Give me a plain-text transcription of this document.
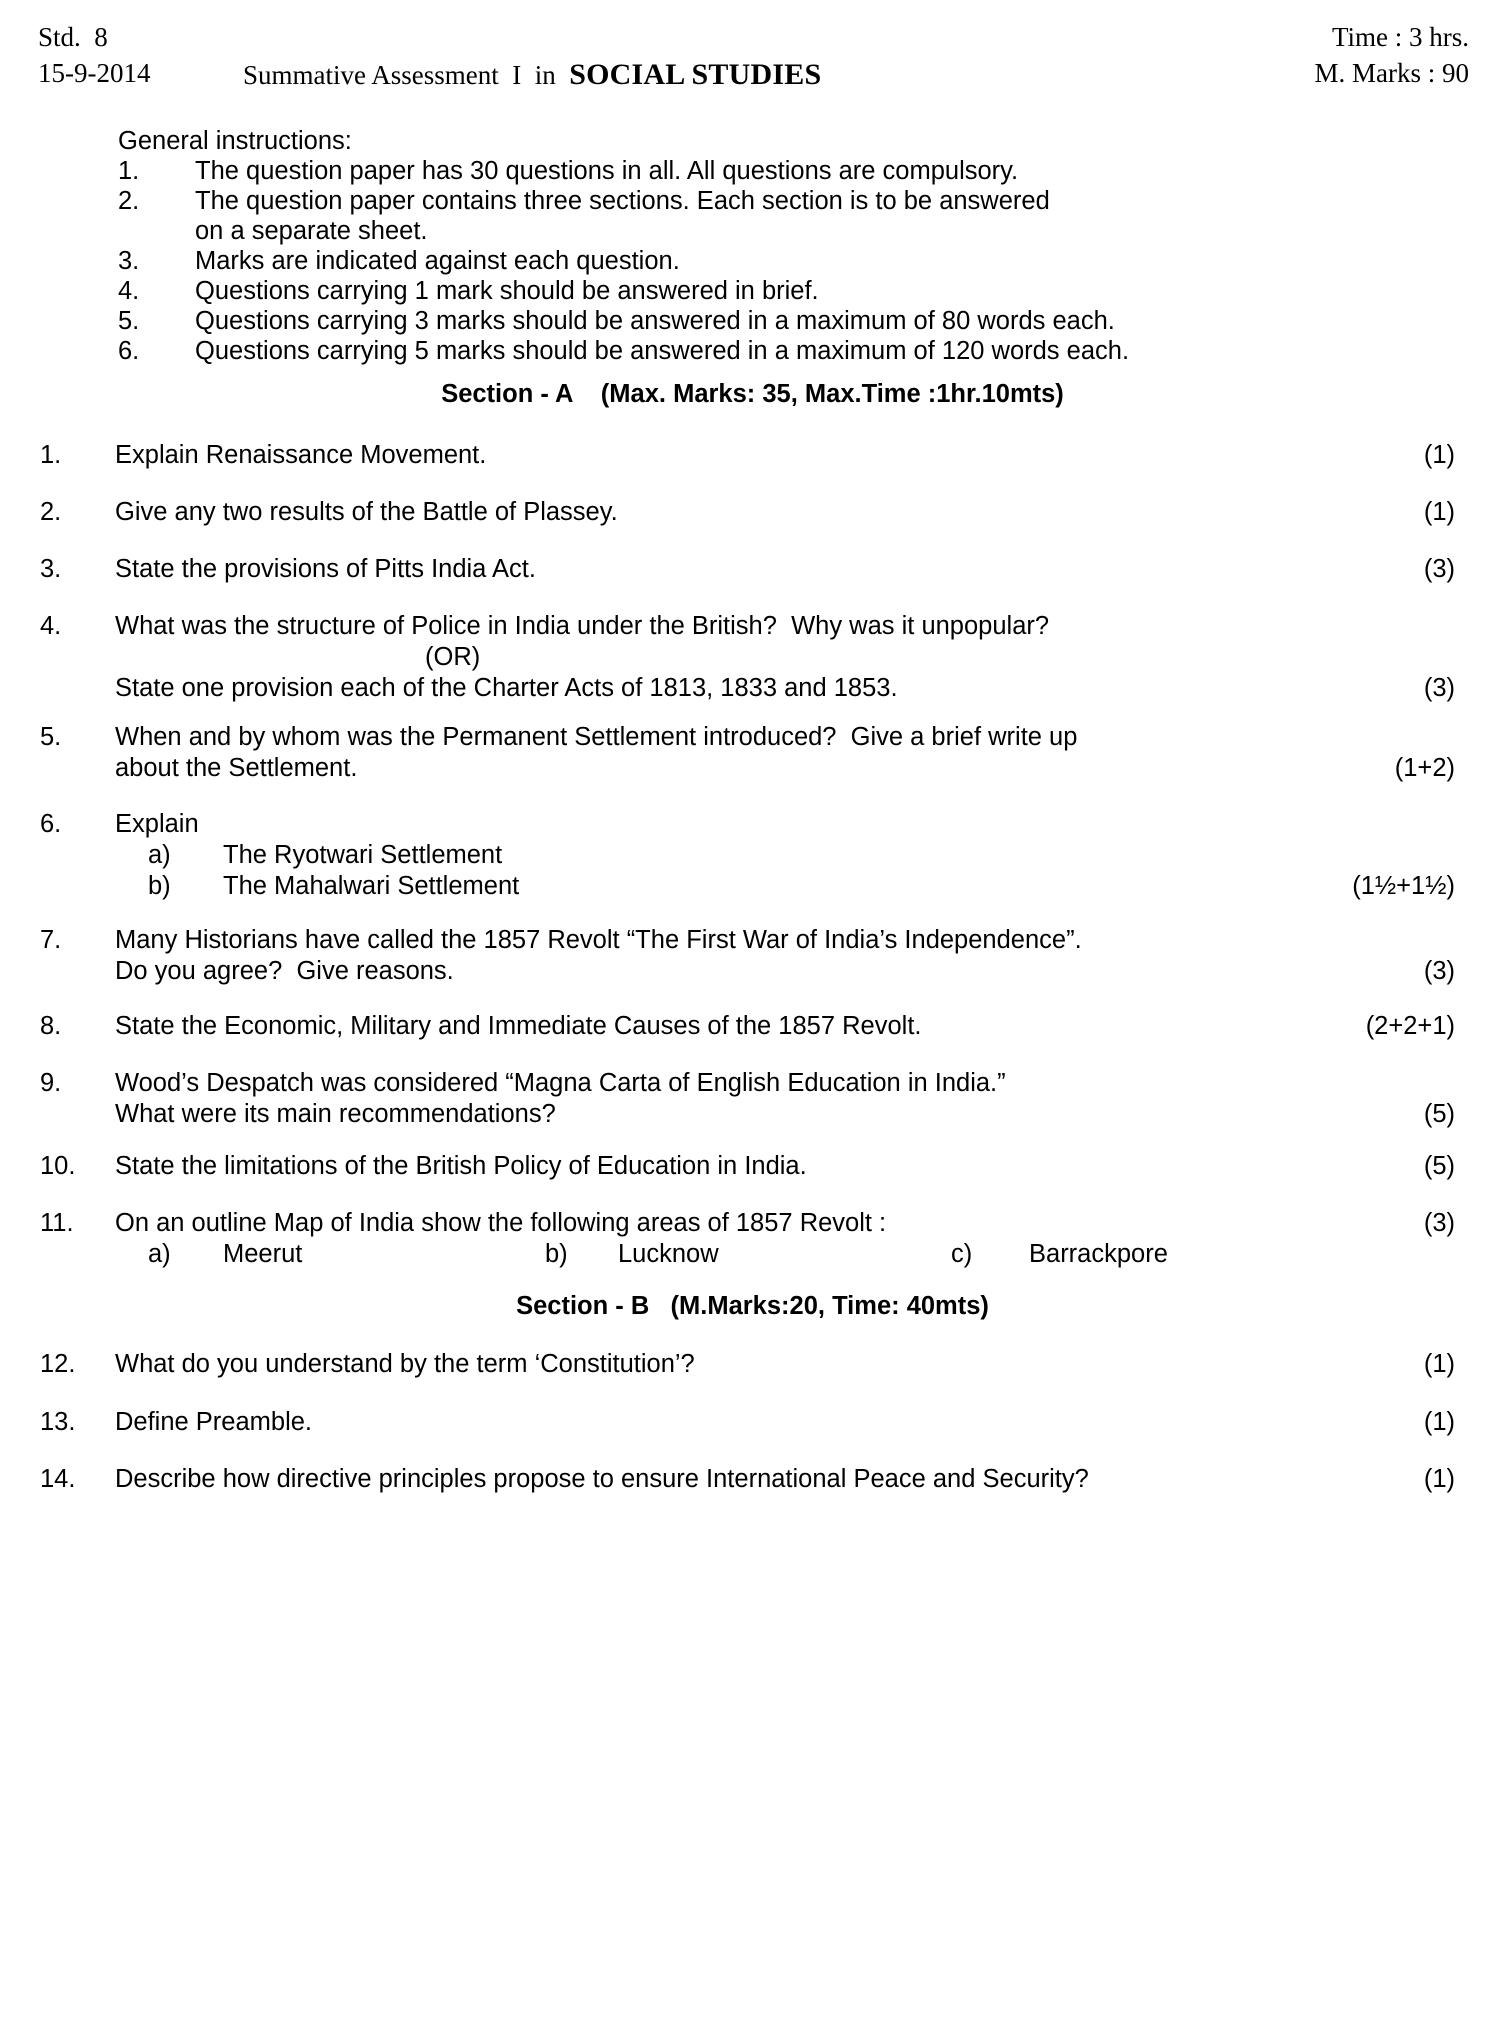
Std.  8	Time : 3 hrs.
15-9-2014	Summative Assessment  I  in  SOCIAL STUDIES	M. Marks : 90
General instructions:
1. The question paper has 30 questions in all. All questions are compulsory.
2. The question paper contains three sections. Each section is to be answered
on a separate sheet.
3. Marks are indicated against each question.
4. Questions carrying 1 mark should be answered in brief.
5. Questions carrying 3 marks should be answered in a maximum of 80 words each.
6. Questions carrying 5 marks should be answered in a maximum of 120 words each.
Section - A    (Max. Marks: 35, Max.Time :1hr.10mts)
1. Explain Renaissance Movement.	(1)
2. Give any two results of the Battle of Plassey.	(1)
3. State the provisions of Pitts India Act.	(3)
4. What was the structure of Police in India under the British?  Why was it unpopular?
(OR)
State one provision each of the Charter Acts of 1813, 1833 and 1853.	(3)
5. When and by whom was the Permanent Settlement introduced?  Give a brief write up
about the Settlement.	(1+2)
6. Explain
a) The Ryotwari Settlement
b) The Mahalwari Settlement	(1½+1½)
7. Many Historians have called the 1857 Revolt “The First War of India’s Independence”.
Do you agree?  Give reasons.	(3)
8. State the Economic, Military and Immediate Causes of the 1857 Revolt.	(2+2+1)
9. Wood’s Despatch was considered “Magna Carta of English Education in India.”
What were its main recommendations?	(5)
10. State the limitations of the British Policy of Education in India.	(5)
11. On an outline Map of India show the following areas of 1857 Revolt :
a) Meerut	b) Lucknow	c) Barrackpore
(3)
Section - B   (M.Marks:20, Time: 40mts)
12. What do you understand by the term ‘Constitution’?	(1)
13. Define Preamble.	(1)
14. Describe how directive principles propose to ensure International Peace and Security?	(1)
